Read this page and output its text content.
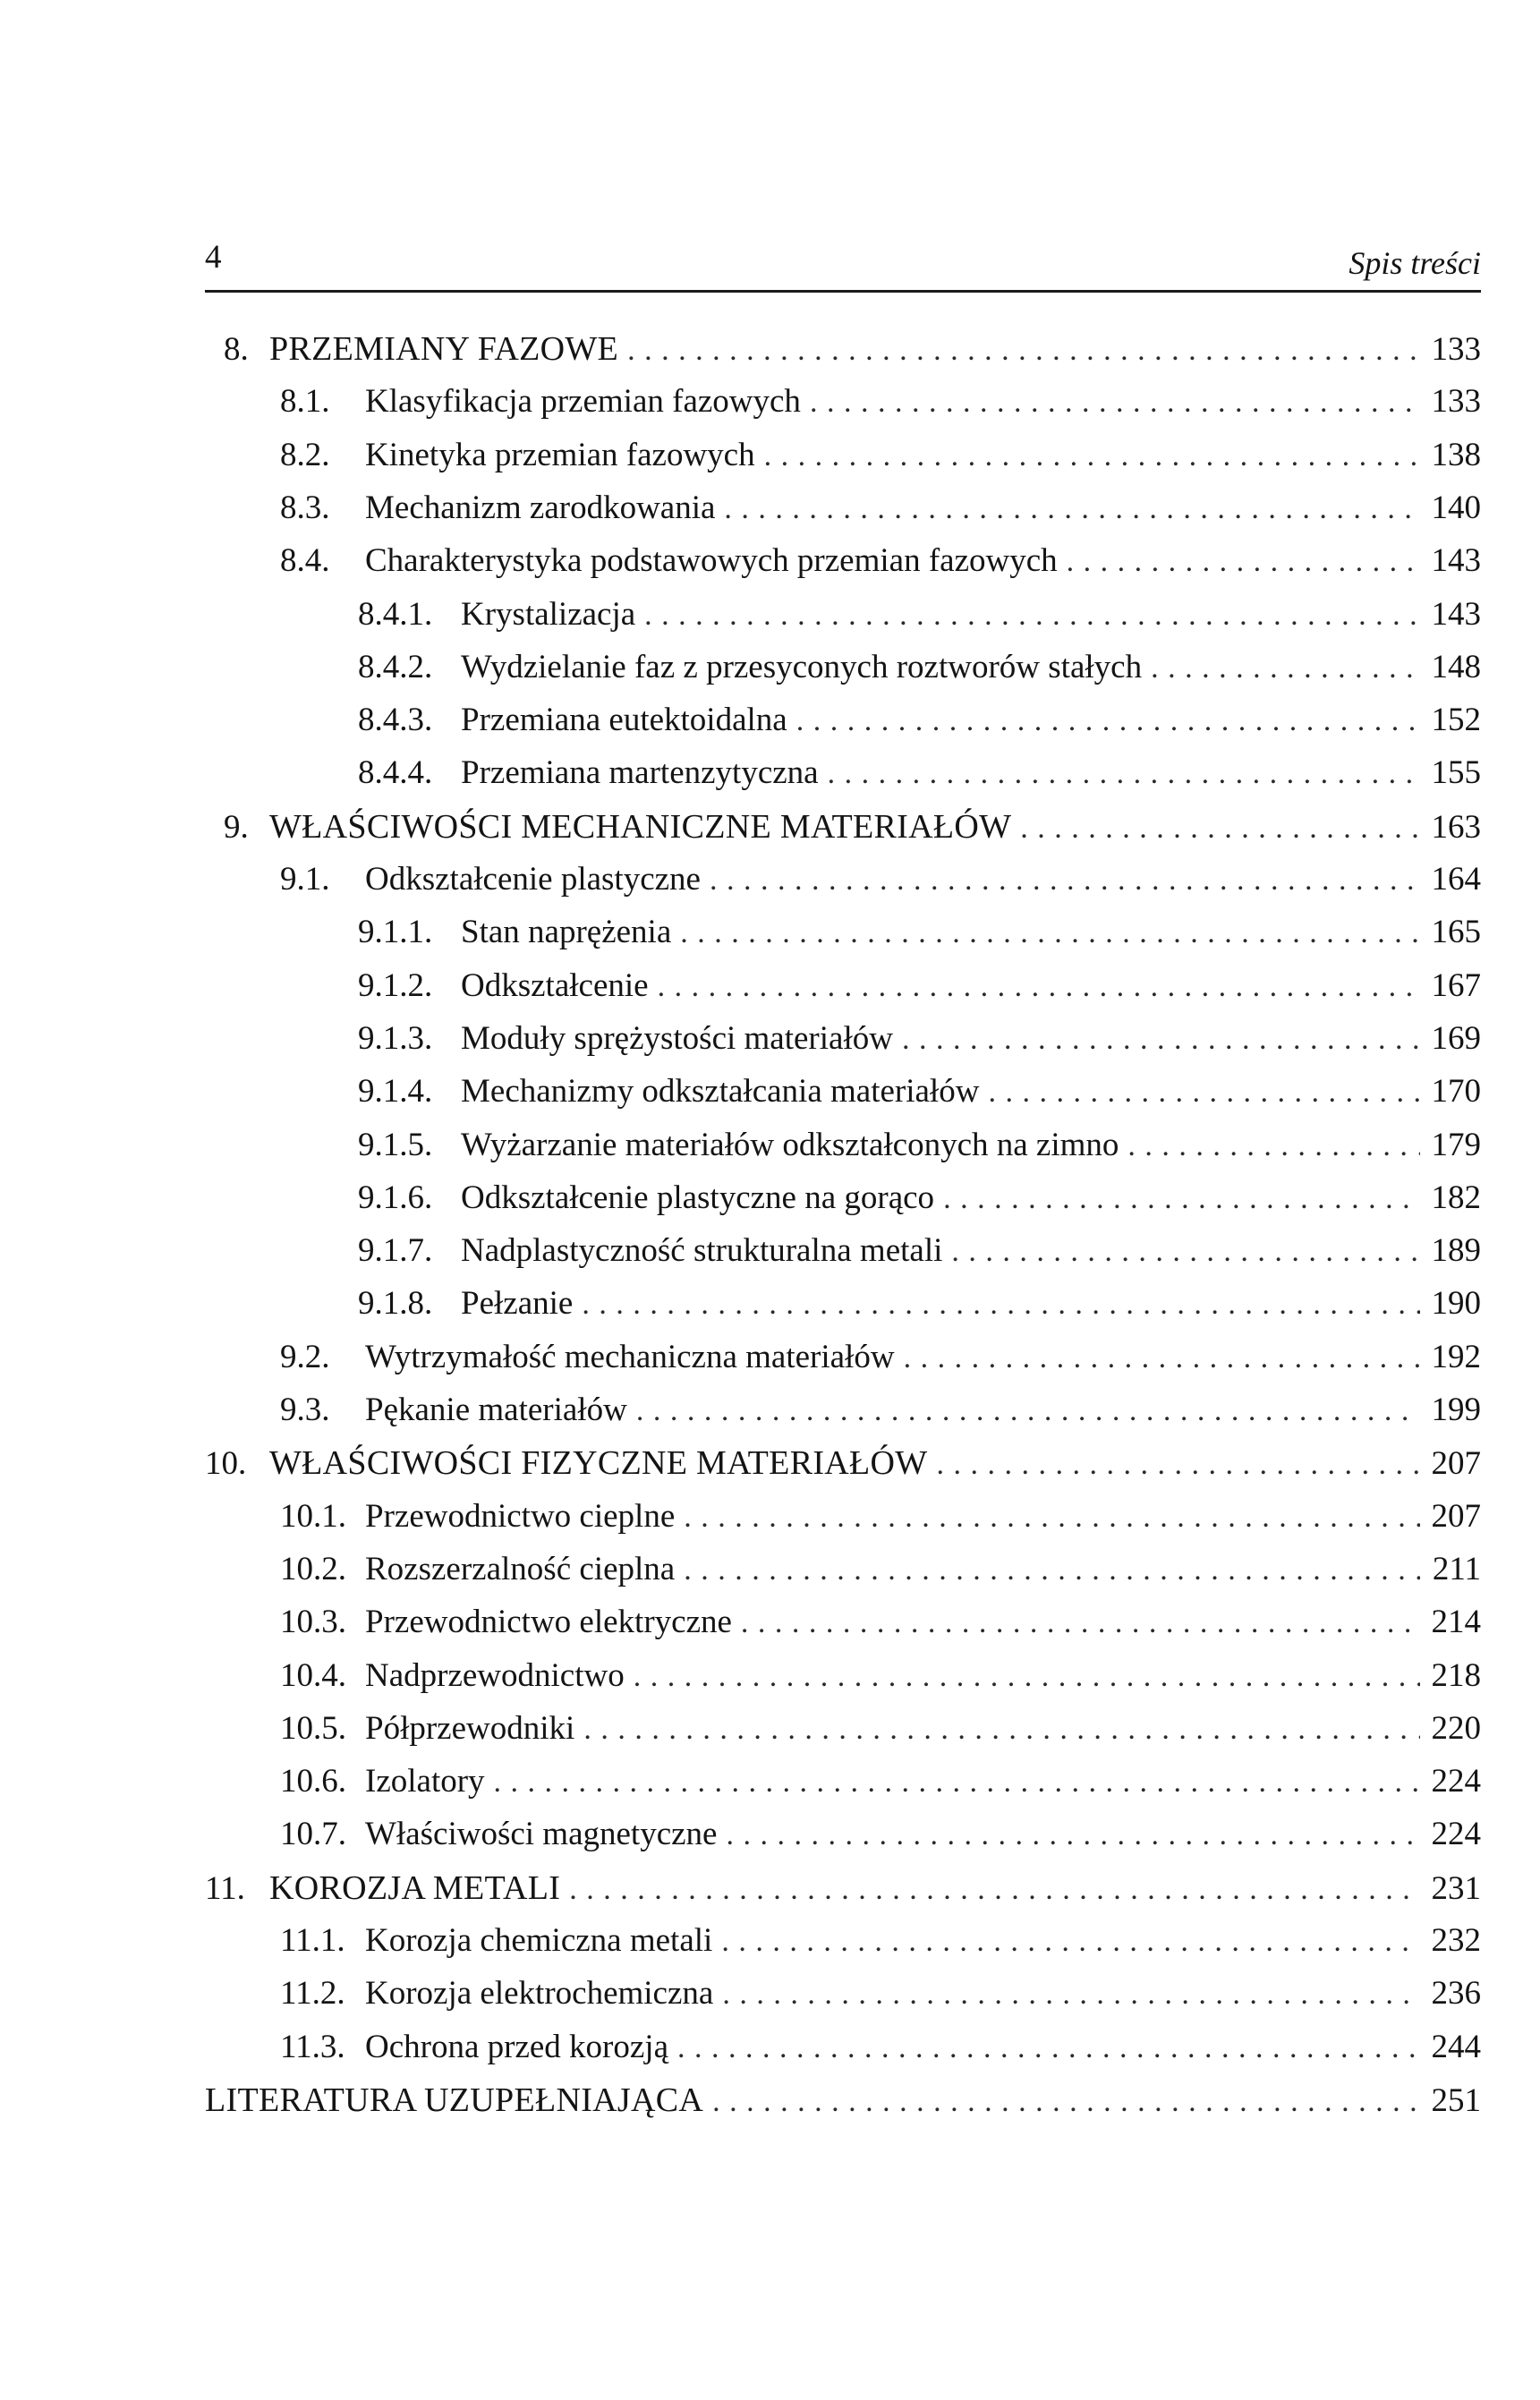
4	Spis treści
8. PRZEMIANY FAZOWE . . .	133
8.1.	Klasyfikacja przemian fazowych . . .	133
8.2.	Kinetyka przemian fazowych . . .	138
8.3.	Mechanizm zarodkowania . . .	140
8.4.	Charakterystyka podstawowych przemian fazowych . . .	143
8.4.1. Krystalizacja . . .	143
8.4.2. Wydzielanie faz z przesyconych roztworów stałych . . .	148
8.4.3. Przemiana eutektoidalna . . .	152
8.4.4. Przemiana martenzytyczna . . .	155
9. WŁAŚCIWOŚCI MECHANICZNE MATERIAŁÓW . . .	163
9.1.	Odkształcenie plastyczne . . .	164
9.1.1. Stan naprężenia . . .	165
9.1.2. Odkształcenie . . .	167
9.1.3. Moduły sprężystości materiałów . . .	169
9.1.4. Mechanizmy odkształcania materiałów . . .	170
9.1.5. Wyżarzanie materiałów odkształconych na zimno . . .	179
9.1.6. Odkształcenie plastyczne na gorąco . . .	182
9.1.7. Nadplastyczność strukturalna metali . . .	189
9.1.8. Pełzanie . . .	190
9.2.	Wytrzymałość mechaniczna materiałów . . .	192
9.3.	Pękanie materiałów . . .	199
10. WŁAŚCIWOŚCI FIZYCZNE MATERIAŁÓW . . .	207
10.1. Przewodnictwo cieplne . . .	207
10.2. Rozszerzalność cieplna . . .	211
10.3. Przewodnictwo elektryczne . . .	214
10.4. Nadprzewodnictwo . . .	218
10.5. Półprzewodniki . . .	220
10.6. Izolatory . . .	224
10.7. Właściwości magnetyczne . . .	224
11. KOROZJA METALI . . .	231
11.1. Korozja chemiczna metali . . .	232
11.2. Korozja elektrochemiczna . . .	236
11.3. Ochrona przed korozją . . .	244
LITERATURA UZUPEŁNIAJĄCA . . .	251
